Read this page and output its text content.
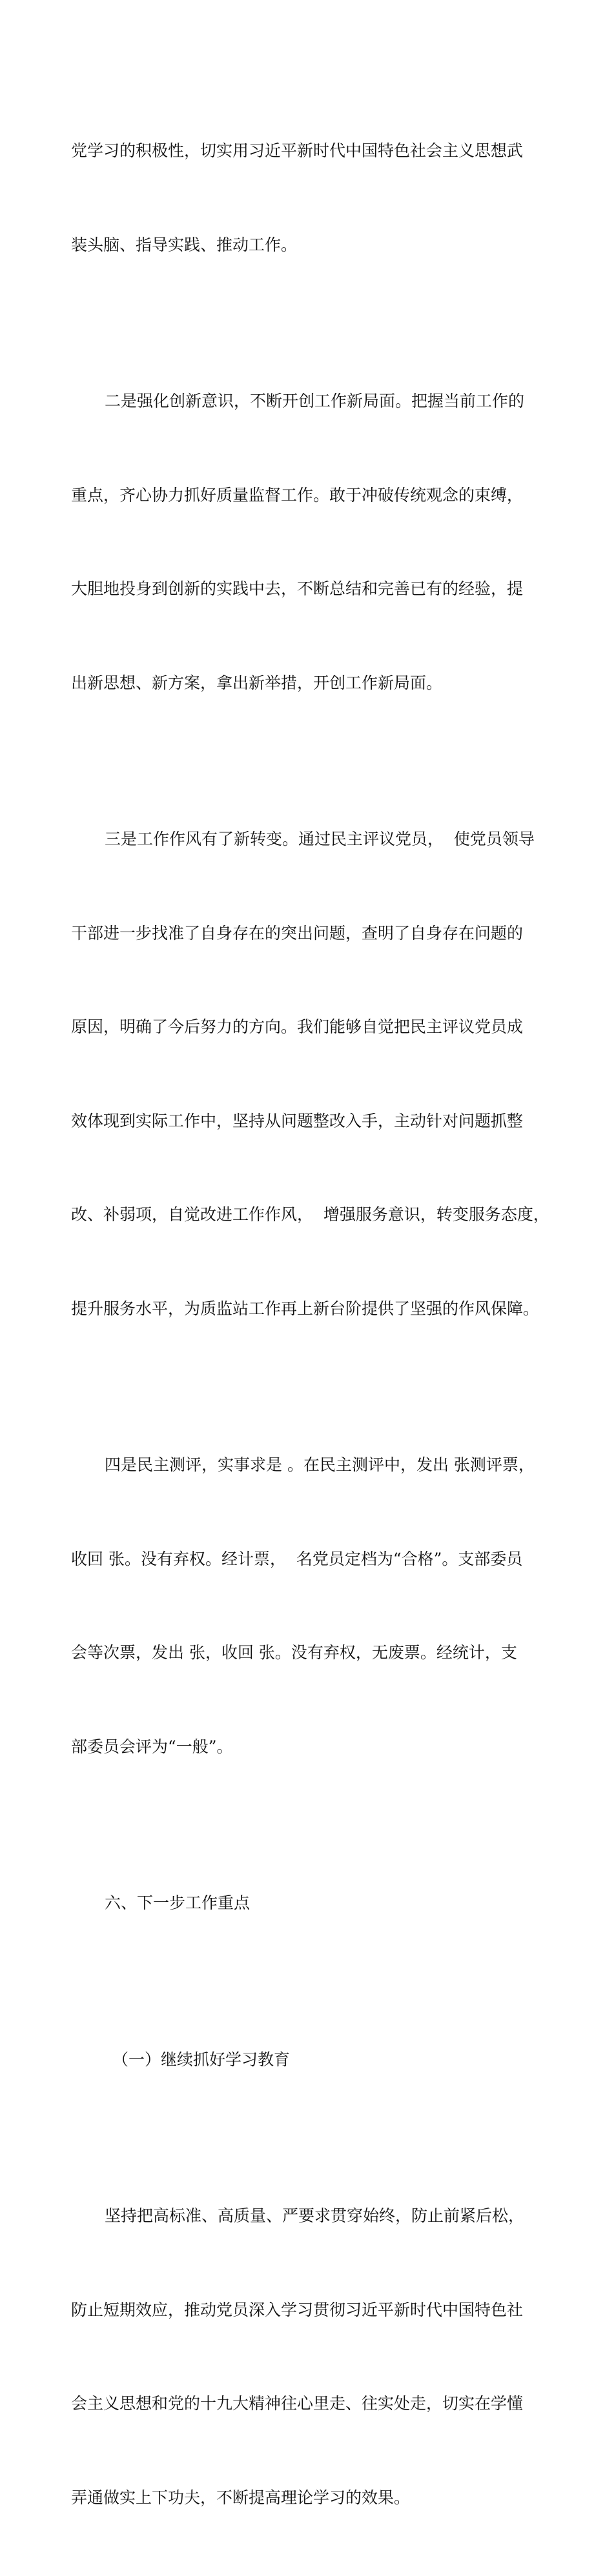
党学习的积极性，切实用习近平新时代中国特色社会主义思想武

装头脑、指导实践、推动工作。

二是强化创新意识，不断开创工作新局面。把握当前工作的

重点，齐心协力抓好质量监督工作。敢于冲破传统观念的束缚，

大胆地投身到创新的实践中去，不断总结和完善已有的经验，提

出新思想、新方案，拿出新举措，开创工作新局面。

三是工作作风有了新转变。通过民主评议党员，  使党员领导

干部进一步找准了自身存在的突出问题，查明了自身存在问题的

原因，明确了今后努力的方向。我们能够自觉把民主评议党员成

效体现到实际工作中，坚持从问题整改入手，主动针对问题抓整

改、补弱项，自觉改进工作作风，  增强服务意识，转变服务态度，

提升服务水平，为质监站工作再上新台阶提供了坚强的作风保障。

四是民主测评，实事求是 。在民主测评中，发出 张测评票，

收回 张。没有弃权。经计票，  名党员定档为“合格”。支部委员

会等次票，发出 张，收回 张。没有弃权，无废票。经统计，支

部委员会评为“一般”。

六、下一步工作重点

（一）继续抓好学习教育

坚持把高标准、高质量、严要求贯穿始终，防止前紧后松，

防止短期效应，推动党员深入学习贯彻习近平新时代中国特色社

会主义思想和党的十九大精神往心里走、往实处走，切实在学懂

弄通做实上下功夫，不断提高理论学习的效果。
